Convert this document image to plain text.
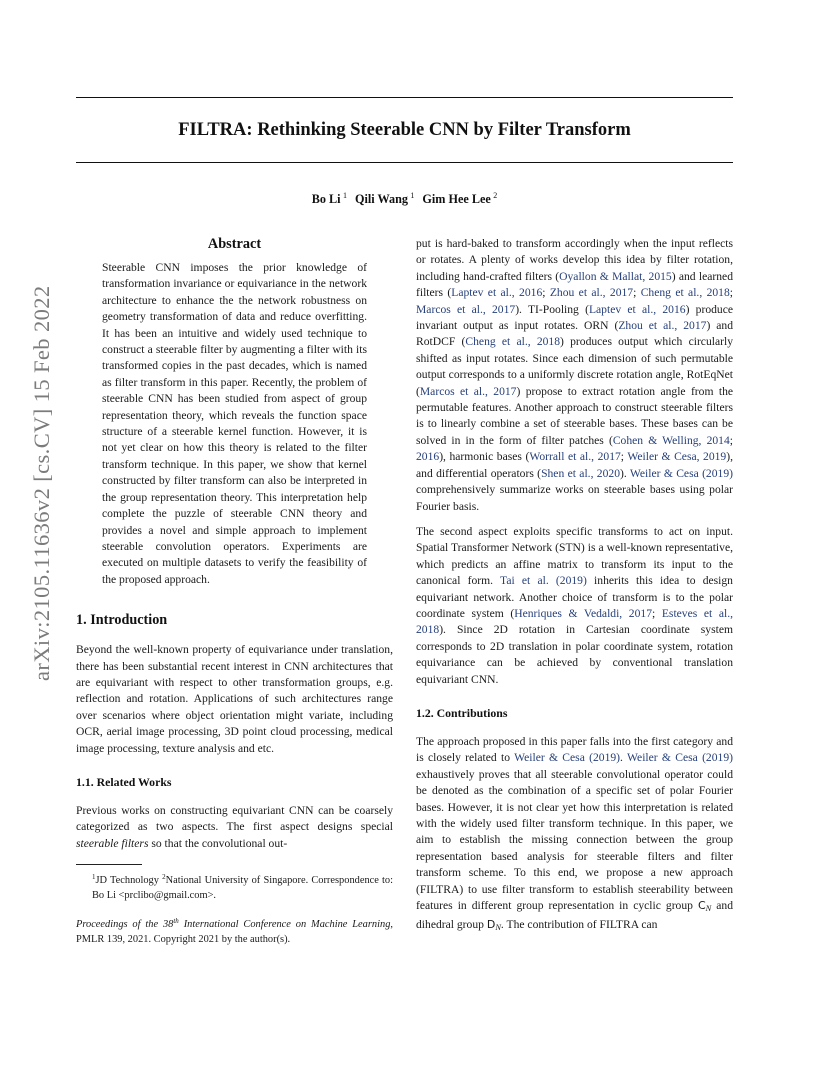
arXiv:2105.11636v2 [cs.CV] 15 Feb 2022
FILTRA: Rethinking Steerable CNN by Filter Transform
Bo Li  $^1$ Qili Wang  $^1$ Gim Hee Lee  $^2$
Abstract

Steerable CNN imposes the prior knowledge of transformation invariance or equivariance in the network architecture to enhance the the network robustness on geometry transformation of data and reduce overfitting. It has been an intuitive and widely used technique to construct a steerable filter by augmenting a filter with its transformed copies in the past decades, which is named as filter transform in this paper. Recently, the problem of steerable CNN has been studied from aspect of group representation theory, which reveals the function space structure of a steerable kernel function. However, it is not yet clear on how this theory is related to the filter transform technique. In this paper, we show that kernel constructed by filter transform can also be interpreted in the group representation theory. This interpretation help complete the puzzle of steerable CNN theory and provides a novel and simple approach to implement steerable convolution operators. Experiments are executed on multiple datasets to verify the feasibility of the proposed approach.

1. Introduction

Beyond the well-known property of equivariance under translation, there has been substantial recent interest in CNN architectures that are equivariant with respect to other transformation groups, e.g. reflection and rotation. Applications of such architectures range over scenarios where object orientation might variate, including OCR, aerial image processing, 3D point cloud processing, medical image processing, texture analysis and etc.

1.1. Related Works

Previous works on constructing equivariant CNN can be coarsely categorized as two aspects. The first aspect designs special steerable filters so that the convolutional out-

$^1$JD Technology $^2$National University of Singapore. Correspondence to: Bo Li <prclibo@gmail.com>.

Proceedings of the 38th International Conference on Machine Learning, PMLR 139, 2021. Copyright 2021 by the author(s).

put is hard-baked to transform accordingly when the input reflects or rotates. A plenty of works develop this idea by filter rotation, including hand-crafted filters (Oyallon & Mallat, 2015) and learned filters (Laptev et al., 2016; Zhou et al., 2017; Cheng et al., 2018; Marcos et al., 2017). TI-Pooling (Laptev et al., 2016) produce invariant output as input rotates. ORN (Zhou et al., 2017) and RotDCF (Cheng et al., 2018) produces output which circularly shifted as input rotates. Since each dimension of such permutable output corresponds to a uniformly discrete rotation angle, RotEqNet (Marcos et al., 2017) propose to extract rotation angle from the permutable features. Another approach to construct steerable filters is to linearly combine a set of steerable bases. These bases can be solved in in the form of filter patches (Cohen & Welling, 2014; 2016), harmonic bases (Worrall et al., 2017; Weiler & Cesa, 2019), and differential operators (Shen et al., 2020). Weiler & Cesa (2019) comprehensively summarize works on steerable bases using polar Fourier basis.

The second aspect exploits specific transforms to act on input. Spatial Transformer Network (STN) is a well-known representative, which predicts an affine matrix to transform its input to the canonical form. Tai et al. (2019) inherits this idea to design equivariant network. Another choice of transform is to the polar coordinate system (Henriques & Vedaldi, 2017; Esteves et al., 2018). Since 2D rotation in Cartesian coordinate system corresponds to 2D translation in polar coordinate system, rotation equivariance can be achieved by conventional translation equivariant CNN.

1.2. Contributions

The approach proposed in this paper falls into the first category and is closely related to Weiler & Cesa (2019). Weiler & Cesa (2019) exhaustively proves that all steerable convolutional operator could be denoted as the combination of a specific set of polar Fourier bases. However, it is not clear yet how this interpretation is related with the widely used filter transform technique. In this paper, we aim to establish the missing connection between the group representation based analysis for steerable filters and filter transform scheme. To this end, we propose a new approach (FILTRA) to use filter transform to establish steerability between features in different group representation in cyclic group CN and dihedral group DN. The contribution of FILTRA can
